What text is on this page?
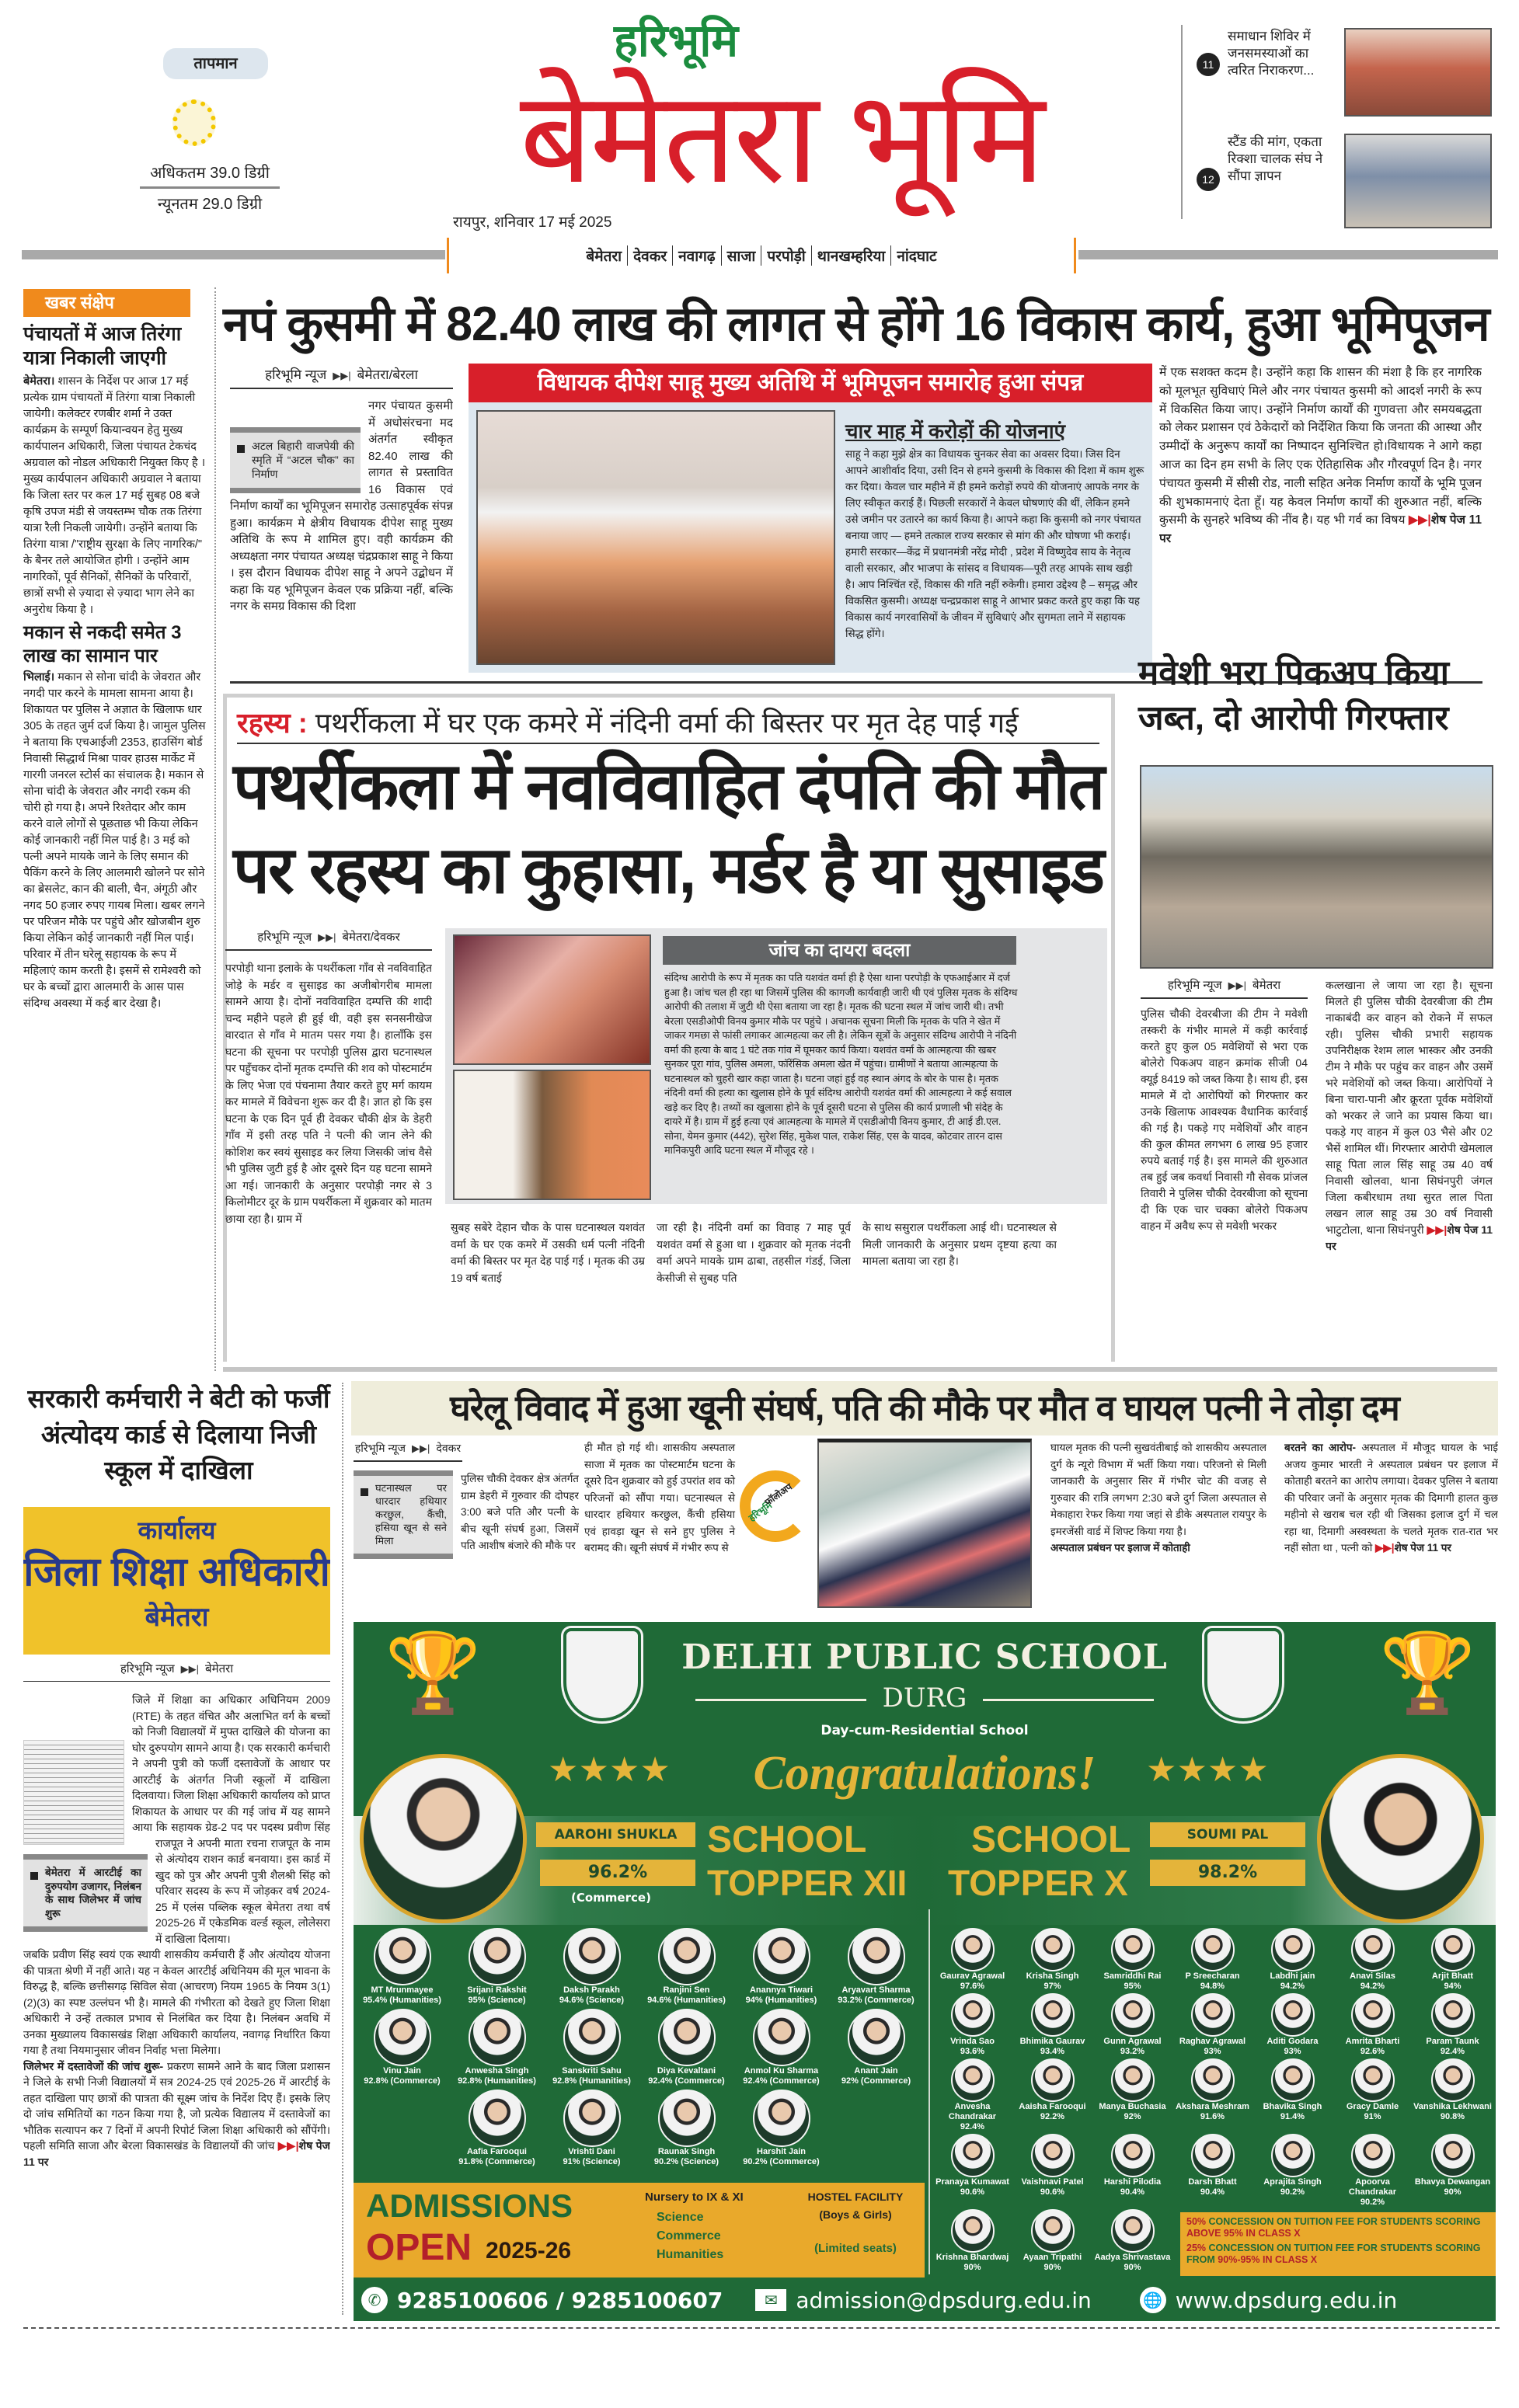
तापमान
अधिकतम 39.0 डिग्री
न्यूनतम 29.0 डिग्री
हरिभूमि
बेमेतरा भूमि
रायपुर, शनिवार 17 मई 2025
बेमेतरा देवकर नवागढ़ साजा परपोड़ी थानखम्हरिया नांदघाट
11
समाधान शिविर में जनसमस्याओं का त्वरित निराकरण...
12
स्टैंड की मांग, एकता रिक्शा चालक संघ ने सौंपा ज्ञापन
खबर संक्षेप
पंचायतों में आज तिरंगा यात्रा निकाली जाएगी
बेमेतरा। शासन के निर्देश पर आज 17 मई प्रत्येक ग्राम पंचायतों में तिरंगा यात्रा निकाली जायेगी। कलेक्टर रणबीर शर्मा ने उक्त कार्यक्रम के सम्पूर्ण कियान्वयन हेतु मुख्य कार्यपालन अधिकारी, जिला पंचायत टेकचंद अग्रवाल को नोडल अधिकारी नियुक्त किए है । मुख्य कार्यपालन अधिकारी अग्रवाल ने बताया कि जिला स्तर पर कल 17 मई सुबह 08 बजे कृषि उपज मंडी से जयस्तम्भ चौक तक तिरंगा यात्रा रैली निकली जायेगी। उन्होंने बताया कि तिरंगा यात्रा /"राष्ट्रीय सुरक्षा के लिए नागरिक/" के बैनर तले आयोजित होगी । उन्होंने आम नागरिकों, पूर्व सैनिकों, सैनिकों के परिवारों, छात्रों सभी से ज़्यादा से ज़्यादा भाग लेने का अनुरोध किया है ।
मकान से नकदी समेत 3 लाख का सामान पार
भिलाई। मकान से सोना चांदी के जेवरात और नगदी पार करने के मामला सामना आया है। शिकायत पर पुलिस ने अज्ञात के खिलाफ धार 305 के तहत जुर्म दर्ज किया है। जामुल पुलिस ने बताया कि एचआईजी 2353, हाउसिंग बोर्ड निवासी सिद्धार्थ मिश्रा पावर हाउस मार्केट में गारगी जनरल स्टोर्स का संचालक है। मकान से सोना चांदी के जेवरात और नगदी रकम की चोरी हो गया है। अपने रिश्तेदार और काम करने वाले लोगों से पूछताछ भी किया लेकिन कोई जानकारी नहीं मिल पाई है। 3 मई को पत्नी अपने मायके जाने के लिए समान की पैकिंग करने के लिए आलमारी खोलने पर सोने का ब्रेसलेट, कान की बाली, चैन, अंगूठी और नगद 50 हजार रुपए गायब मिला। खबर लगने पर परिजन मौके पर पहुंचे और खोजबीन शुरु किया लेकिन कोई जानकारी नहीं मिल पाई। परिवार में तीन घरेलू सहायक के रूप में महिलाएं काम करती है। इसमें से रामेश्वरी को घर के बच्चों द्वारा आलमारी के आस पास संदिग्ध अवस्था में कई बार देखा है।
नपं कुसमी में 82.40 लाख की लागत से होंगे 16 विकास कार्य, हुआ भूमिपूजन
हरिभूमि न्यूज ▶▶| बेमेतरा/बेरला
अटल बिहारी वाजपेयी की स्मृति में “अटल चौक” का निर्माण
नगर पंचायत कुसमी में अधोसंरचना मद अंतर्गत स्वीकृत 82.40 लाख की लागत से प्रस्तावित 16 विकास एवं निर्माण कार्यों का भूमिपूजन समारोह उत्साहपूर्वक संपन्न हुआ। कार्यक्रम मे क्षेत्रीय विधायक दीपेश साहू मुख्य अतिथि के रूप मे शामिल हुए। वही कार्यक्रम की अध्यक्षता नगर पंचायत अध्यक्ष चंद्रप्रकाश साहू ने किया । इस दौरान विधायक दीपेश साहू ने अपने उद्बोधन में कहा कि यह भूमिपूजन केवल एक प्रक्रिया नहीं, बल्कि नगर के समग्र विकास की दिशा
विधायक दीपेश साहू मुख्य अतिथि में भूमिपूजन समारोह हुआ संपन्न
चार माह में करोड़ों की योजनाएं
साहू ने कहा मुझे क्षेत्र का विधायक चुनकर सेवा का अवसर दिया। जिस दिन आपने आशीर्वाद दिया, उसी दिन से हमने कुसमी के विकास की दिशा में काम शुरू कर दिया। केवल चार महीने में ही हमने करोड़ों रुपये की योजनाएं आपके नगर के लिए स्वीकृत कराई हैं। पिछली सरकारों ने केवल घोषणाएं की थीं, लेकिन हमने उसे जमीन पर उतारने का कार्य किया है। आपने कहा कि कुसमी को नगर पंचायत बनाया जाए — हमने तत्काल राज्य सरकार से मांग की और घोषणा भी कराई। हमारी सरकार—केंद्र में प्रधानमंत्री नरेंद्र मोदी , प्रदेश में विष्णुदेव साय के नेतृत्व वाली सरकार, और भाजपा के सांसद व विधायक—पूरी तरह आपके साथ खड़ी है। आप निश्चिंत रहें, विकास की गति नहीं रुकेगी। हमारा उद्देश्य है – समृद्ध और विकसित कुसमी। अध्यक्ष चन्द्रप्रकाश साहू ने आभार प्रकट करते हुए कहा कि यह विकास कार्य नगरवासियों के जीवन में सुविधाएं और सुगमता लाने में सहायक सिद्ध होंगे।
में एक सशक्त कदम है। उन्होंने कहा कि शासन की मंशा है कि हर नागरिक को मूलभूत सुविधाएं मिले और नगर पंचायत कुसमी को आदर्श नगरी के रूप में विकसित किया जाए। उन्होंने निर्माण कार्यों की गुणवत्ता और समयबद्धता को लेकर प्रशासन एवं ठेकेदारों को निर्देशित किया कि जनता की आस्था और उम्मीदों के अनुरूप कार्यों का निष्पादन सुनिश्चित हो।विधायक ने आगे कहा आज का दिन हम सभी के लिए एक ऐतिहासिक और गौरवपूर्ण दिन है। नगर पंचायत कुसमी में सीसी रोड, नाली सहित अनेक निर्माण कार्यों के भूमि पूजन की शुभकामनाएं देता हूँ। यह केवल निर्माण कार्यों की शुरुआत नहीं, बल्कि कुसमी के सुनहरे भविष्य की नींव है। यह भी गर्व का विषय ▶▶|शेष पेज 11 पर
रहस्य : पथर्रीकला में घर एक कमरे में नंदिनी वर्मा की बिस्तर पर मृत देह पाई गई
पथर्रीकला में नवविवाहित दंपति की मौत
पर रहस्य का कुहासा, मर्डर है या सुसाइड
हरिभूमि न्यूज ▶▶| बेमेतरा/देवकर
परपोड़ी थाना इलाके के पथर्रीकला गाँव से नवविवाहित जोड़े के मर्डर व सुसाइड का अजीबोगरीब मामला सामने आया है। दोनों नवविवाहित दम्पत्ति की शादी चन्द महीने पहले ही हुई थी, वही इस सनसनीखेज वारदात से गाँव मे मातम पसर गया है। हालाँकि इस घटना की सूचना पर परपोड़ी पुलिस द्वारा घटनास्थल पर पहुँचकर दोनों मृतक दम्पत्ति की शव को पोस्टमार्टम के लिए भेजा एवं पंचनामा तैयार करते हुए मर्ग कायम कर मामले में विवेचना शुरू कर दी है। ज्ञात हो कि इस घटना के एक दिन पूर्व ही देवकर चौकी क्षेत्र के डेहरी गाँव में इसी तरह पति ने पत्नी की जान लेने की कोशिश कर स्वयं सुसाइड कर लिया जिसकी जांच वैसे भी पुलिस जुटी हुई है ओर दूसरे दिन यह घटना सामने आ गई। जानकारी के अनुसार परपोड़ी नगर से 3 किलोमीटर दूर के ग्राम पथर्रीकला में शुक्रवार को मातम छाया रहा है। ग्राम में
जांच का दायरा बदला
संदिग्ध आरोपी के रूप में मृतक का पति यशवंत वर्मा ही है ऐसा थाना परपोड़ी के एफआईआर में दर्ज हुआ है। जांच चल ही रहा था जिसमें पुलिस की कागजी कार्यवाही जारी थी एवं पुलिस मृतक के संदिग्ध आरोपी की तलाश में जुटी थी ऐसा बताया जा रहा है। मृतक की घटना स्थल में जांच जारी थी। तभी बेरला एसडीओपी विनय कुमार मौके पर पहुंचे । अचानक सूचना मिली कि मृतक के पति ने खेत में जाकर गमछा से फांसी लगाकर आत्महत्या कर ली है। लेकिन सूत्रों के अनुसार संदिग्ध आरोपी ने नंदिनी वर्मा की हत्या के बाद 1 घंटे तक गांव में घूमकर कार्य किया। यशवंत वर्मा के आत्महत्या की खबर सुनकर पूरा गांव, पुलिस अमला, फॉरेंसिक अमला खेत में पहुंचा। ग्रामीणों ने बताया आत्महत्या के घटनास्थल को चुहरी खार कहा जाता है। घटना जहां हुई वह स्थान अंगद के बोर के पास है। मृतक नंदिनी वर्मा की हत्या का खुलास होने के पूर्व संदिग्ध आरोपी यशवंत वर्मा की आत्महत्या ने कई सवाल खड़े कर दिए है। तथ्यों का खुलासा होने के पूर्व दूसरी घटना से पुलिस की कार्य प्रणाली भी संदेह के दायरे में है। ग्राम में हुई हत्या एवं आत्महत्या के मामले में एसडीओपी विनय कुमार, टी आई डी.एल. सोना, येमन कुमार (442), सुरेश सिंह, मुकेश पाल, राकेश सिंह, एस के यादव, कोटवार तारन दास मानिकपुरी आदि घटना स्थल में मौजूद रहे ।
सुबह सबेरे देहान चौक के पास घटनास्थल यशवंत वर्मा के घर एक कमरे में उसकी धर्म पत्नी नंदिनी वर्मा की बिस्तर पर मृत देह पाई गई । मृतक की उम्र 19 वर्ष बताई
जा रही है। नंदिनी वर्मा का विवाह 7 माह पूर्व यशवंत वर्मा से हुआ था । शुक्रवार को मृतक नंदनी वर्मा अपने मायके ग्राम ढाबा, तहसील गंडई, जिला केसीजी से सुबह पति
के साथ ससुराल पथर्रीकला आई थी। घटनास्थल से मिली जानकारी के अनुसार प्रथम दृष्टया हत्या का मामला बताया जा रहा है।
मवेशी भरा पिकअप किया जब्त, दो आरोपी गिरफ्तार
हरिभूमि न्यूज ▶▶| बेमेतरा
पुलिस चौकी देवरबीजा की टीम ने मवेशी तस्करी के गंभीर मामले में कड़ी कार्रवाई करते हुए कुल 05 मवेशियों से भरा एक बोलेरो पिकअप वाहन क्रमांक सीजी 04 क्यूई 8419 को जब्त किया है। साथ ही, इस मामले में दो आरोपियों को गिरफ्तार कर उनके खिलाफ आवश्यक वैधानिक कार्रवाई की गई है। पकड़े गए मवेशियों और वाहन की कुल कीमत लगभग 6 लाख 95 हजार रुपये बताई गई है। इस मामले की शुरुआत तब हुई जब कवर्धा निवासी गौ सेवक प्रांजल तिवारी ने पुलिस चौकी देवरबीजा को सूचना दी कि एक चार चक्का बोलेरो पिकअप वाहन में अवैध रूप से मवेशी भरकर
कत्लखाना ले जाया जा रहा है। सूचना मिलते ही पुलिस चौकी देवरबीजा की टीम नाकाबंदी कर वाहन को रोकने में सफल रही। पुलिस चौकी प्रभारी सहायक उपनिरीक्षक रेशम लाल भास्कर और उनकी टीम ने मौके पर पहुंच कर वाहन और उसमें भरे मवेशियों को जब्त किया। आरोपियों ने बिना चारा-पानी और क्रूरता पूर्वक मवेशियों को भरकर ले जाने का प्रयास किया था। पकड़े गए वाहन में कुल 03 भैसे और 02 भैसें शामिल थीं। गिरफ्तार आरोपी खेमलाल साहू पिता लाल सिंह साहू उम्र 40 वर्ष निवासी खोलवा, थाना सिघंनपुरी जंगल जिला कबीरधाम तथा सुरत लाल पिता लखन लाल साहू उम्र 30 वर्ष निवासी भाटुटोला, थाना सिघंनपुरी ▶▶|शेष पेज 11 पर
सरकारी कर्मचारी ने बेटी को फर्जी अंत्योदय कार्ड से दिलाया निजी स्कूल में दाखिला
कार्यालय
जिला शिक्षा अधिकारी
बेमेतरा
हरिभूमि न्यूज ▶▶| बेमेतरा
बेमेतरा में आरटीई का दुरुपयोग उजागर, निलंबन के साथ जिलेभर में जांच शुरू
जिले में शिक्षा का अधिकार अधिनियम 2009 (RTE) के तहत वंचित और अलाभित वर्ग के बच्चों को निजी विद्यालयों में मुफ्त दाखिले की योजना का घोर दुरुपयोग सामने आया है। एक सरकारी कर्मचारी ने अपनी पुत्री को फर्जी दस्तावेजों के आधार पर आरटीई के अंतर्गत निजी स्कूलों में दाखिला दिलवाया। जिला शिक्षा अधिकारी कार्यालय को प्राप्त शिकायत के आधार पर की गई जांच में यह सामने आया कि सहायक ग्रेड-2 पद पर पदस्थ प्रवीण सिंह राजपूत ने अपनी माता रचना राजपूत के नाम से अंत्योदय राशन कार्ड बनवाया। इस कार्ड में खुद को पुत्र और अपनी पुत्री शैलश्री सिंह को परिवार सदस्य के रूप में जोड़कर वर्ष 2024-25 में एलंस पब्लिक स्कूल बेमेतरा तथा वर्ष 2025-26 में एकेडमिक वर्ल्ड स्कूल, लोलेसरा में दाखिला दिलाया।

जबकि प्रवीण सिंह स्वयं एक स्थायी शासकीय कर्मचारी हैं और अंत्योदय योजना की पात्रता श्रेणी में नहीं आते। यह न केवल आरटीई अधिनियम की मूल भावना के विरुद्ध है, बल्कि छत्तीसगढ़ सिविल सेवा (आचरण) नियम 1965 के नियम 3(1)(2)(3) का स्पष्ट उल्लंघन भी है। मामले की गंभीरता को देखते हुए जिला शिक्षा अधिकारी ने उन्हें तत्काल प्रभाव से निलंबित कर दिया है। निलंबन अवधि में उनका मुख्यालय विकासखंड शिक्षा अधिकारी कार्यालय, नवागढ़ निर्धारित किया गया है तथा नियमानुसार जीवन निर्वाह भत्ता मिलेगा।

जिलेभर में दस्तावेजों की जांच शुरू- प्रकरण सामने आने के बाद जिला प्रशासन ने जिले के सभी निजी विद्यालयों में सत्र 2024-25 एवं 2025-26 में आरटीई के तहत दाखिला पाए छात्रों की पात्रता की सूक्ष्म जांच के निर्देश दिए हैं। इसके लिए दो जांच समितियों का गठन किया गया है, जो प्रत्येक विद्यालय में दस्तावेजों का भौतिक सत्यापन कर 7 दिनों में अपनी रिपोर्ट जिला शिक्षा अधिकारी को सौंपेंगी। पहली समिति साजा और बेरला विकासखंड के विद्यालयों की जांच ▶▶|शेष पेज 11 पर

घरेलू विवाद में हुआ खूनी संघर्ष, पति की मौके पर मौत व घायल पत्नी ने तोड़ा दम
हरिभूमि न्यूज ▶▶| देवकर
घटनास्थल पर धारदार हथियार करछुल, कैंची, हसिया खून से सने मिला
पुलिस चौकी देवकर क्षेत्र अंतर्गत ग्राम डेहरी में गुरुवार की दोपहर 3:00 बजे पति और पत्नी के बीच खूनी संघर्ष हुआ, जिसमें पति आशीष बंजारे की मौके पर
हरिभूमि
फॉलोअप
ही मौत हो गई थी। शासकीय अस्पताल साजा में मृतक का पोस्टमार्टम घटना के दूसरे दिन शुक्रवार को हुई उपरांत शव को परिजनों को सौंपा गया। घटनास्थल से धारदार हथियार करछुल, कैंची हसिया एवं हावड़ा खून से सने हुए पुलिस ने बरामद की। खूनी संघर्ष में गंभीर रूप से
घायल मृतक की पत्नी सुखवंतीबाई को शासकीय अस्पताल दुर्ग के न्यूरो विभाग में भर्ती किया गया। परिजनो से मिली जानकारी के अनुसार सिर में गंभीर चोट की वजह से गुरुवार की रात्रि लगभग 2:30 बजे दुर्ग जिला अस्पताल से मेकाहारा रेफर किया गया जहां से डीके अस्पताल रायपुर के इमरजेंसी वार्ड में शिफ्ट किया गया है।
अस्पताल प्रबंधन पर इलाज में कोताही
बरतने का आरोप- अस्पताल में मौजूद घायल के भाई अजय कुमार भारती ने अस्पताल प्रबंधन पर इलाज में कोताही बरतने का आरोप लगाया। देवकर पुलिस ने बताया की परिवार जनों के अनुसार मृतक की दिमागी हालत कुछ महीनो से खराब चल रही थी जिसका इलाज दुर्ग में चल रहा था, दिमागी अस्वस्थता के चलते मृतक रात-रात भर नहीं सोता था , पत्नी को ▶▶|शेष पेज 11 पर
🏆	🏆
DELHI PUBLIC SCHOOL
DURG
Day-cum-Residential School
★★★★	★★★★
Congratulations!
AAROHI SHUKLA
96.2%
(Commerce)
SCHOOL
TOPPER XII
SCHOOL
TOPPER X
SOUMI PAL
98.2%
MT Mrunmayee
95.4% (Humanities)
Srijani Rakshit
95% (Science)
Daksh Parakh
94.6% (Science)
Ranjini Sen
94.6% (Humanities)
Anannya Tiwari
94% (Humanities)
Aryavart Sharma
93.2% (Commerce)
Vinu Jain
92.8% (Commerce)
Anwesha Singh
92.8% (Humanities)
Sanskriti Sahu
92.8% (Humanities)
Diya Kevaltani
92.4% (Commerce)
Anmol Ku Sharma
92.4% (Commerce)
Anant Jain
92% (Commerce)
Aafia Farooqui
91.8% (Commerce)
Vrishti Dani
91% (Science)
Raunak Singh
90.2% (Science)
Harshit Jain
90.2% (Commerce)
Gaurav Agrawal
97.6%
Krisha Singh
97%
Samriddhi Rai
95%
P Sreecharan
94.8%
Labdhi jain
94.2%
Anavi Silas
94.2%
Arjit Bhatt
94%
Vrinda Sao
93.6%
Bhimika Gaurav
93.4%
Gunn Agrawal
93.2%
Raghav Agrawal
93%
Aditi Godara
93%
Amrita Bharti
92.6%
Param Taunk
92.4%
Anvesha Chandrakar
92.4%
Aaisha Farooqui
92.2%
Manya Buchasia
92%
Akshara Meshram
91.6%
Bhavika Singh
91.4%
Gracy Damle
91%
Vanshika Lekhwani
90.8%
Pranaya Kumawat
90.6%
Vaishnavi Patel
90.6%
Harshi Pilodia
90.4%
Darsh Bhatt
90.4%
Aprajita Singh
90.2%
Apoorva Chandrakar
90.2%
Bhavya Dewangan
90%
Krishna Bhardwaj
90%
Ayaan Tripathi
90%
Aadya Shrivastava
90%
ADMISSIONS
OPEN 2025-26
Nursery to IX & XI
Science
Commerce
Humanities
HOSTEL FACILITY
(Boys & Girls)
(Limited seats)
50% CONCESSION ON TUITION FEE FOR STUDENTS SCORING ABOVE 95% IN CLASS X
25% CONCESSION ON TUITION FEE FOR STUDENTS SCORING FROM 90%-95% IN CLASS X
✆ 9285100606 / 9285100607	✉ admission@dpsdurg.edu.in	🌐 www.dpsdurg.edu.in
